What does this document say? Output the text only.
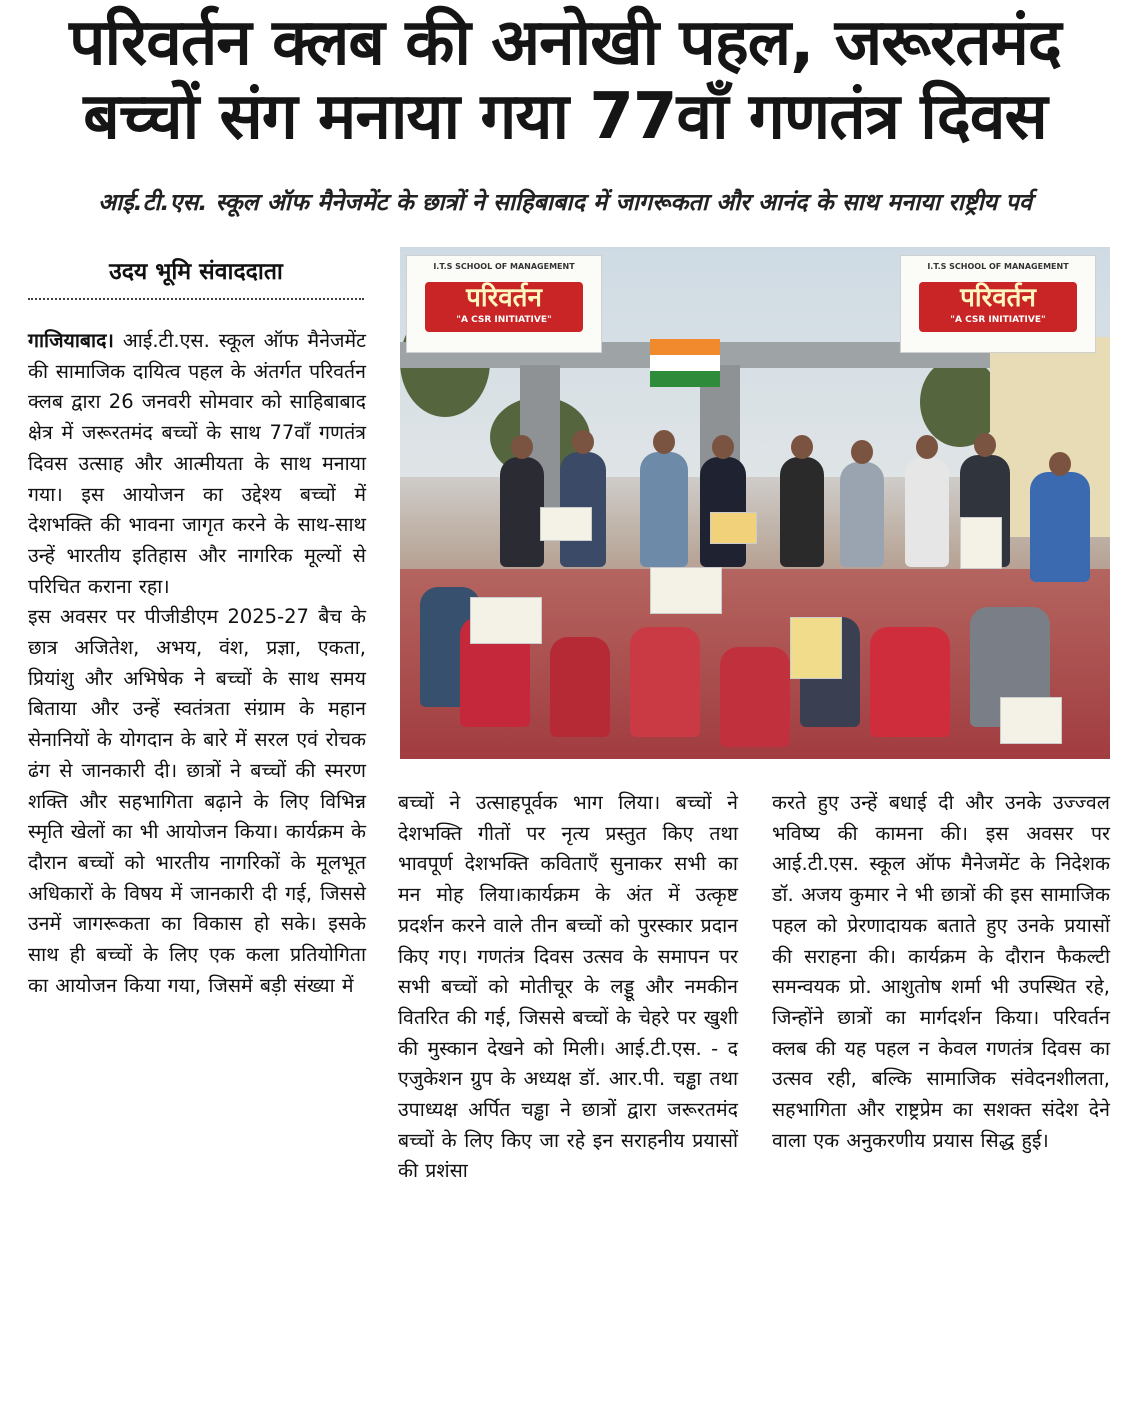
परिवर्तन क्लब की अनोखी पहल, जरूरतमंद
बच्चों संग मनाया गया 77वाँ गणतंत्र दिवस

आई.टी.एस. स्कूल ऑफ मैनेजमेंट के छात्रों ने साहिबाबाद में जागरूकता और आनंद के साथ मनाया राष्ट्रीय पर्व

उदय भूमि संवाददाता	I.T.S SCHOOL OF MANAGEMENT
परिवर्तन
"A CSR INITIATIVE"
I.T.S SCHOOL OF MANAGEMENT
परिवर्तन
"A CSR INITIATIVE"

गाजियाबाद। आई.टी.एस. स्कूल ऑफ मैनेजमेंट की सामाजिक दायित्व पहल के अंतर्गत परिवर्तन क्लब द्वारा 26 जनवरी सोमवार को साहिबाबाद क्षेत्र में जरूरतमंद बच्चों के साथ 77वाँ गणतंत्र दिवस उत्साह और आत्मीयता के साथ मनाया गया। इस आयोजन का उद्देश्य बच्चों में देशभक्ति की भावना जागृत करने के साथ-साथ उन्हें भारतीय इतिहास और नागरिक मूल्यों से परिचित कराना रहा।

इस अवसर पर पीजीडीएम 2025-27 बैच के छात्र अजितेश, अभय, वंश, प्रज्ञा, एकता, प्रियांशु और अभिषेक ने बच्चों के साथ समय बिताया और उन्हें स्वतंत्रता संग्राम के महान सेनानियों के योगदान के बारे में सरल एवं रोचक ढंग से जानकारी दी। छात्रों ने बच्चों की स्मरण शक्ति और सहभागिता बढ़ाने के लिए विभिन्न स्मृति खेलों का भी आयोजन किया। कार्यक्रम के दौरान बच्चों को भारतीय नागरिकों के मूलभूत अधिकारों के विषय में जानकारी दी गई, जिससे उनमें जागरूकता का विकास हो सके। इसके साथ ही बच्चों के लिए एक कला प्रतियोगिता का आयोजन किया गया, जिसमें बड़ी संख्या में

बच्चों ने उत्साहपूर्वक भाग लिया। बच्चों ने देशभक्ति गीतों पर नृत्य प्रस्तुत किए तथा भावपूर्ण देशभक्ति कविताएँ सुनाकर सभी का मन मोह लिया।कार्यक्रम के अंत में उत्कृष्ट प्रदर्शन करने वाले तीन बच्चों को पुरस्कार प्रदान किए गए। गणतंत्र दिवस उत्सव के समापन पर सभी बच्चों को मोतीचूर के लड्डू और नमकीन वितरित की गई, जिससे बच्चों के चेहरे पर खुशी की मुस्कान देखने को मिली। आई.टी.एस. - द एजुकेशन ग्रुप के अध्यक्ष डॉ. आर.पी. चड्ढा तथा उपाध्यक्ष अर्पित चड्ढा ने छात्रों द्वारा जरूरतमंद बच्चों के लिए किए जा रहे इन सराहनीय प्रयासों की प्रशंसा

करते हुए उन्हें बधाई दी और उनके उज्ज्वल भविष्य की कामना की। इस अवसर पर आई.टी.एस. स्कूल ऑफ मैनेजमेंट के निदेशक डॉ. अजय कुमार ने भी छात्रों की इस सामाजिक पहल को प्रेरणादायक बताते हुए उनके प्रयासों की सराहना की। कार्यक्रम के दौरान फैकल्टी समन्वयक प्रो. आशुतोष शर्मा भी उपस्थित रहे, जिन्होंने छात्रों का मार्गदर्शन किया। परिवर्तन क्लब की यह पहल न केवल गणतंत्र दिवस का उत्सव रही, बल्कि सामाजिक संवेदनशीलता, सहभागिता और राष्ट्रप्रेम का सशक्त संदेश देने वाला एक अनुकरणीय प्रयास सिद्ध हुई।
